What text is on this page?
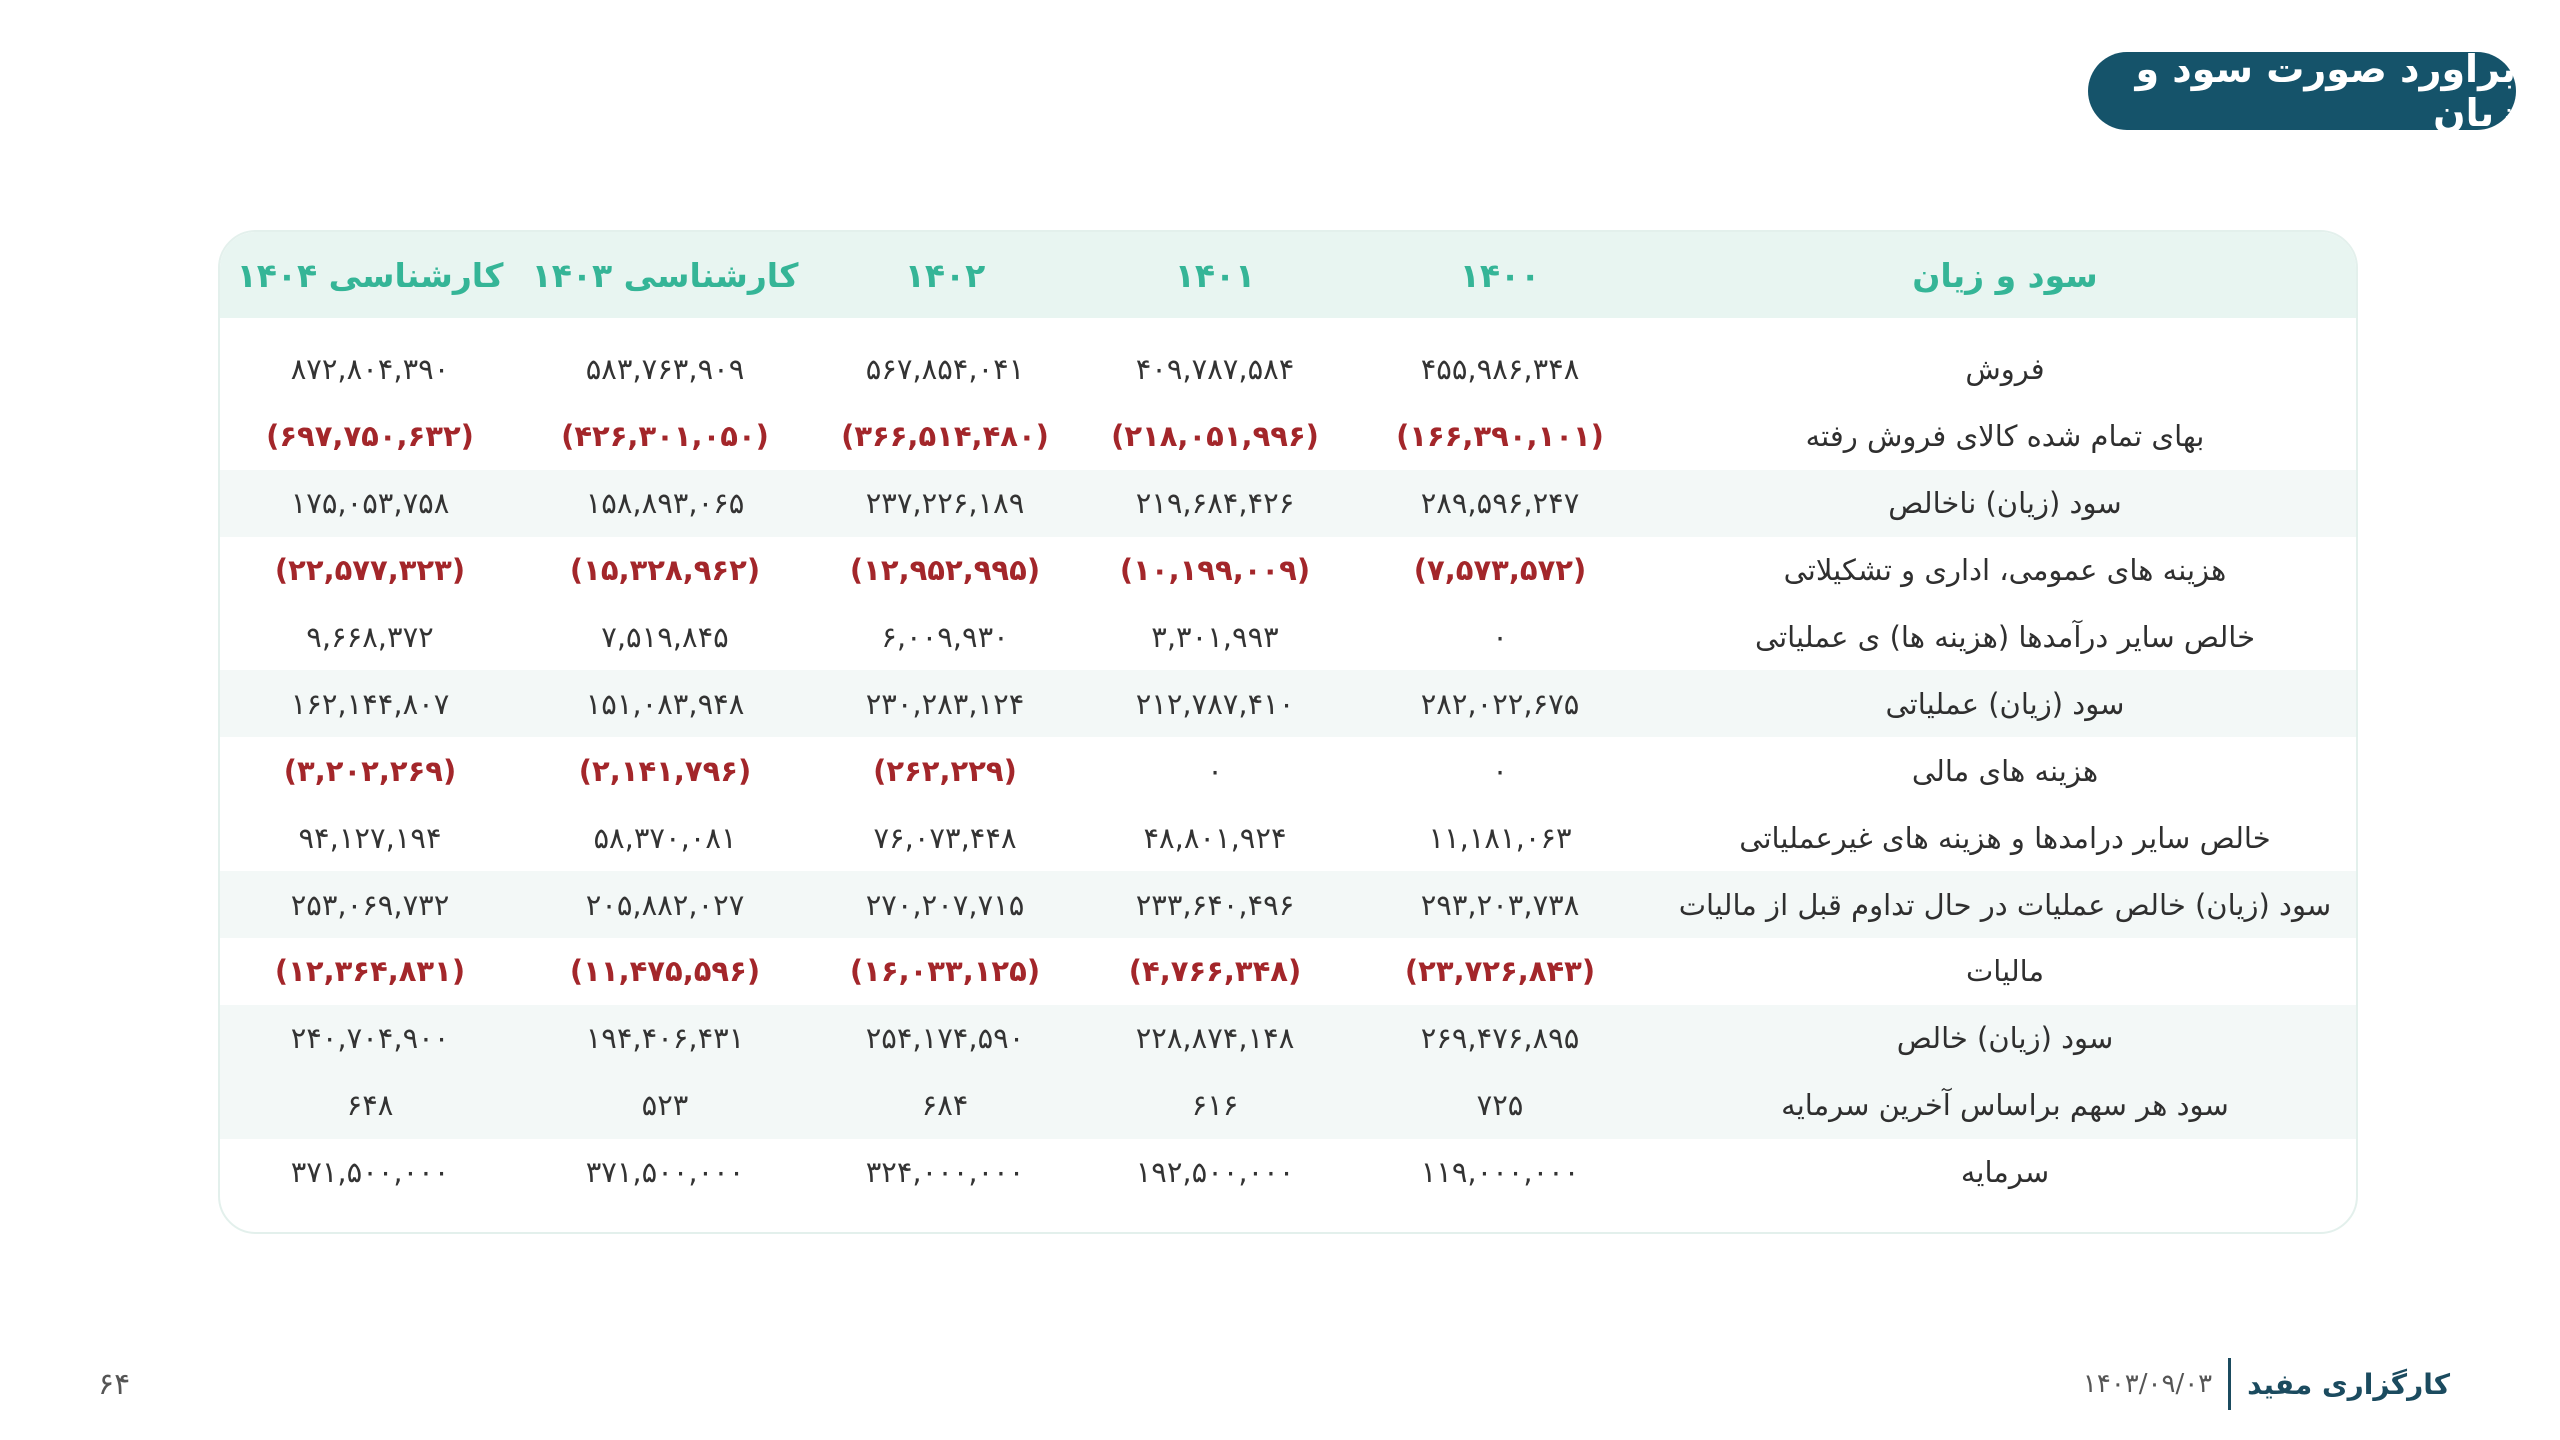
برآورد صورت سود و زیان
سود و زیان	۱۴۰۰	۱۴۰۱	۱۴۰۲	کارشناسی ۱۴۰۳	کارشناسی ۱۴۰۴

فروش	۴۵۵,۹۸۶,۳۴۸	۴۰۹,۷۸۷,۵۸۴	۵۶۷,۸۵۴,۰۴۱	۵۸۳,۷۶۳,۹۰۹	۸۷۲,۸۰۴,۳۹۰
بهای تمام شده کالای فروش رفته	(۱۶۶,۳۹۰,۱۰۱)	(۲۱۸,۰۵۱,۹۹۶)	(۳۶۶,۵۱۴,۴۸۰)	(۴۲۶,۳۰۱,۰۵۰)	(۶۹۷,۷۵۰,۶۳۲)
سود (زیان) ناخالص	۲۸۹,۵۹۶,۲۴۷	۲۱۹,۶۸۴,۴۲۶	۲۳۷,۲۲۶,۱۸۹	۱۵۸,۸۹۳,۰۶۵	۱۷۵,۰۵۳,۷۵۸
هزینه های عمومی، اداری و تشکیلاتی	(۷,۵۷۳,۵۷۲)	(۱۰,۱۹۹,۰۰۹)	(۱۲,۹۵۲,۹۹۵)	(۱۵,۳۲۸,۹۶۲)	(۲۲,۵۷۷,۳۲۳)
خالص سایر درآمدها (هزینه ها) ی عملیاتی	۰	۳,۳۰۱,۹۹۳	۶,۰۰۹,۹۳۰	۷,۵۱۹,۸۴۵	۹,۶۶۸,۳۷۲
سود (زیان) عملیاتی	۲۸۲,۰۲۲,۶۷۵	۲۱۲,۷۸۷,۴۱۰	۲۳۰,۲۸۳,۱۲۴	۱۵۱,۰۸۳,۹۴۸	۱۶۲,۱۴۴,۸۰۷
هزینه های مالی	۰	۰	(۲۶۲,۲۲۹)	(۲,۱۴۱,۷۹۶)	(۳,۲۰۲,۲۶۹)
خالص سایر درامدها و هزینه های غیرعملیاتی	۱۱,۱۸۱,۰۶۳	۴۸,۸۰۱,۹۲۴	۷۶,۰۷۳,۴۴۸	۵۸,۳۷۰,۰۸۱	۹۴,۱۲۷,۱۹۴
سود (زیان) خالص عملیات در حال تداوم قبل از مالیات	۲۹۳,۲۰۳,۷۳۸	۲۳۳,۶۴۰,۴۹۶	۲۷۰,۲۰۷,۷۱۵	۲۰۵,۸۸۲,۰۲۷	۲۵۳,۰۶۹,۷۳۲
مالیات	(۲۳,۷۲۶,۸۴۳)	(۴,۷۶۶,۳۴۸)	(۱۶,۰۳۳,۱۲۵)	(۱۱,۴۷۵,۵۹۶)	(۱۲,۳۶۴,۸۳۱)
سود (زیان) خالص	۲۶۹,۴۷۶,۸۹۵	۲۲۸,۸۷۴,۱۴۸	۲۵۴,۱۷۴,۵۹۰	۱۹۴,۴۰۶,۴۳۱	۲۴۰,۷۰۴,۹۰۰
سود هر سهم براساس آخرین سرمایه	۷۲۵	۶۱۶	۶۸۴	۵۲۳	۶۴۸
سرمایه	۱۱۹,۰۰۰,۰۰۰	۱۹۲,۵۰۰,۰۰۰	۳۲۴,۰۰۰,۰۰۰	۳۷۱,۵۰۰,۰۰۰	۳۷۱,۵۰۰,۰۰۰
۶۴	کارگزاری مفید
۱۴۰۳/۰۹/۰۳
